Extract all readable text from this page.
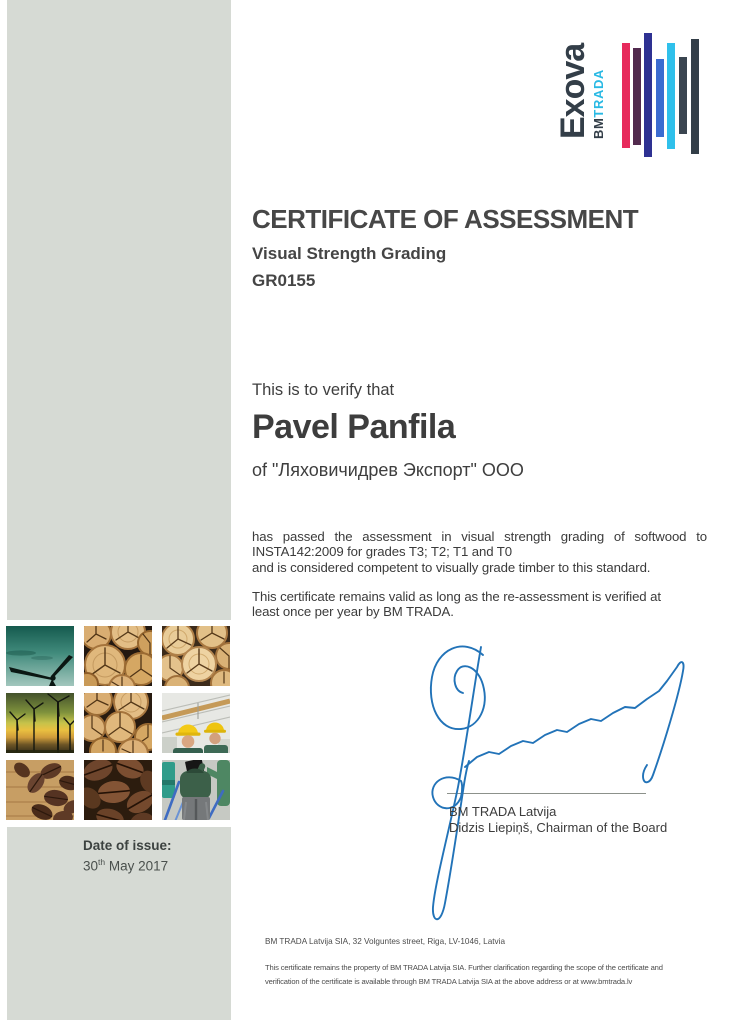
Date of issue:
30th May 2017
Exova BMTRADA
CERTIFICATE OF ASSESSMENT
Visual Strength Grading
GR0155
This is to verify that
Pavel Panfila
of "Ляховичидрев Экспорт" ООО
has passed the assessment in visual strength grading of softwood to
INSTA142:2009 for grades T3; T2; T1 and T0
and is considered competent to visually grade timber to this standard.
This certificate remains valid as long as the re-assessment is verified at
least once per year by BM TRADA.
BM TRADA Latvija
Didzis Liepiņš, Chairman of the Board
BM TRADA Latvija SIA, 32 Volguntes street, Riga, LV-1046, Latvia
This certificate remains the property of BM TRADA Latvija SIA. Further clarification regarding the scope of the certificate and
verification of the certificate is available through BM TRADA Latvija SIA at the above address or at www.bmtrada.lv
